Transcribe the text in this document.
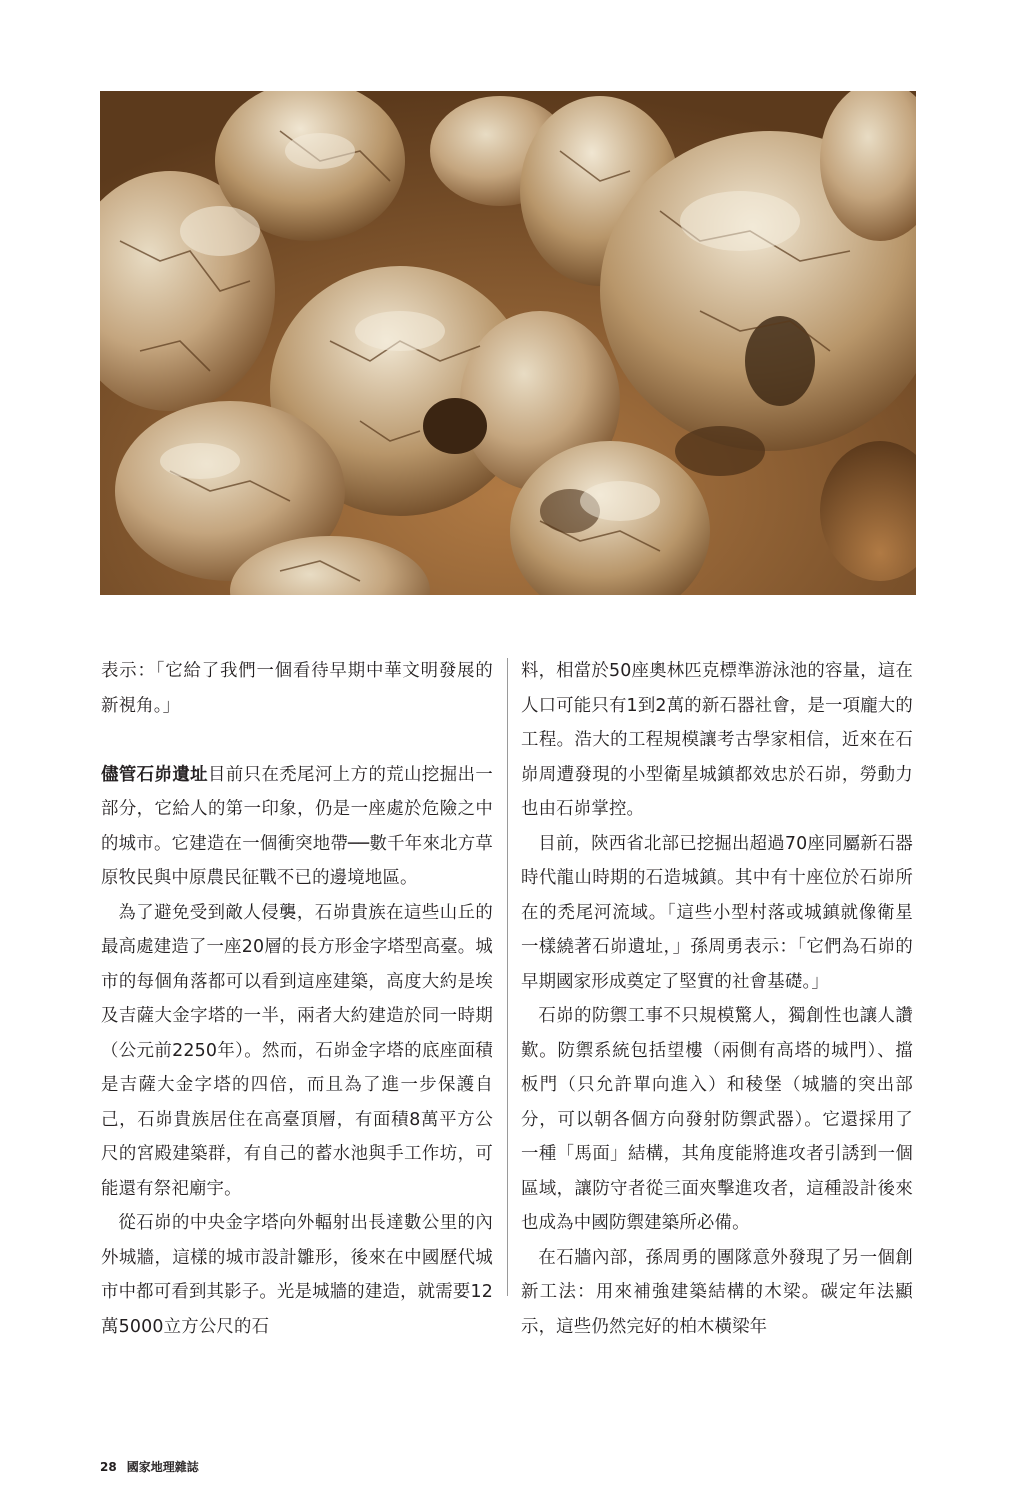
表示：「它給了我們一個看待早期中華文明發展的新視角。」

儘管石峁遺址目前只在禿尾河上方的荒山挖掘出一部分，它給人的第一印象，仍是一座處於危險之中的城市。它建造在一個衝突地帶──數千年來北方草原牧民與中原農民征戰不已的邊境地區。

為了避免受到敵人侵襲，石峁貴族在這些山丘的最高處建造了一座20層的長方形金字塔型高臺。城市的每個角落都可以看到這座建築，高度大約是埃及吉薩大金字塔的一半，兩者大約建造於同一時期（公元前2250年）。然而，石峁金字塔的底座面積是吉薩大金字塔的四倍，而且為了進一步保護自己，石峁貴族居住在高臺頂層，有面積8萬平方公尺的宮殿建築群，有自己的蓄水池與手工作坊，可能還有祭祀廟宇。

從石峁的中央金字塔向外輻射出長達數公里的內外城牆，這樣的城市設計雛形，後來在中國歷代城市中都可看到其影子。光是城牆的建造，就需要12萬5000立方公尺的石

料，相當於50座奧林匹克標準游泳池的容量，這在人口可能只有1到2萬的新石器社會，是一項龐大的工程。浩大的工程規模讓考古學家相信，近來在石峁周遭發現的小型衛星城鎮都效忠於石峁，勞動力也由石峁掌控。

目前，陝西省北部已挖掘出超過70座同屬新石器時代龍山時期的石造城鎮。其中有十座位於石峁所在的禿尾河流域。「這些小型村落或城鎮就像衛星一樣繞著石峁遺址，」孫周勇表示：「它們為石峁的早期國家形成奠定了堅實的社會基礎。」

石峁的防禦工事不只規模驚人，獨創性也讓人讚歎。防禦系統包括望樓（兩側有高塔的城門）、擋板門（只允許單向進入）和稜堡（城牆的突出部分，可以朝各個方向發射防禦武器）。它還採用了一種「馬面」結構，其角度能將進攻者引誘到一個區域，讓防守者從三面夾擊進攻者，這種設計後來也成為中國防禦建築所必備。

在石牆內部，孫周勇的團隊意外發現了另一個創新工法：用來補強建築結構的木梁。碳定年法顯示，這些仍然完好的柏木橫梁年

28 國家地理雜誌
